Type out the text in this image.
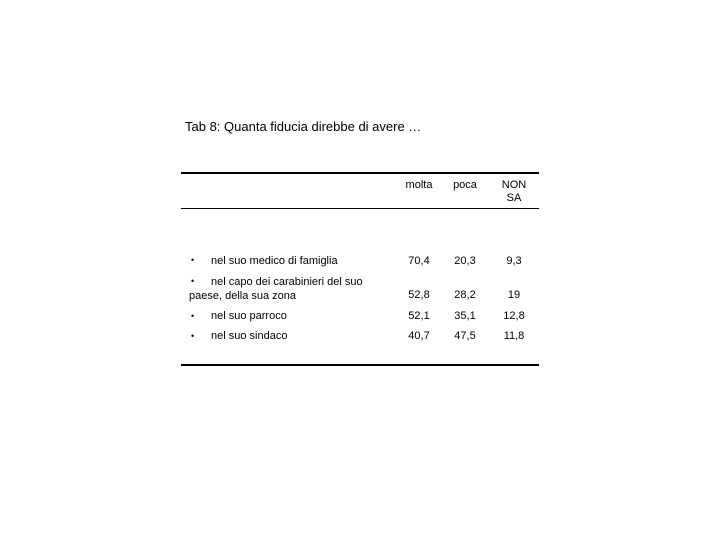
Tab 8: Quanta fiducia direbbe di avere …
molta	poca	NON SA
• nel suo medico di famiglia	70,4	20,3	9,3
•	nel capo dei carabinieri del suo paese, della sua zona	52,8	28,2	19
• nel suo parroco	52,1	35,1	12,8
• nel suo sindaco	40,7	47,5	11,8
